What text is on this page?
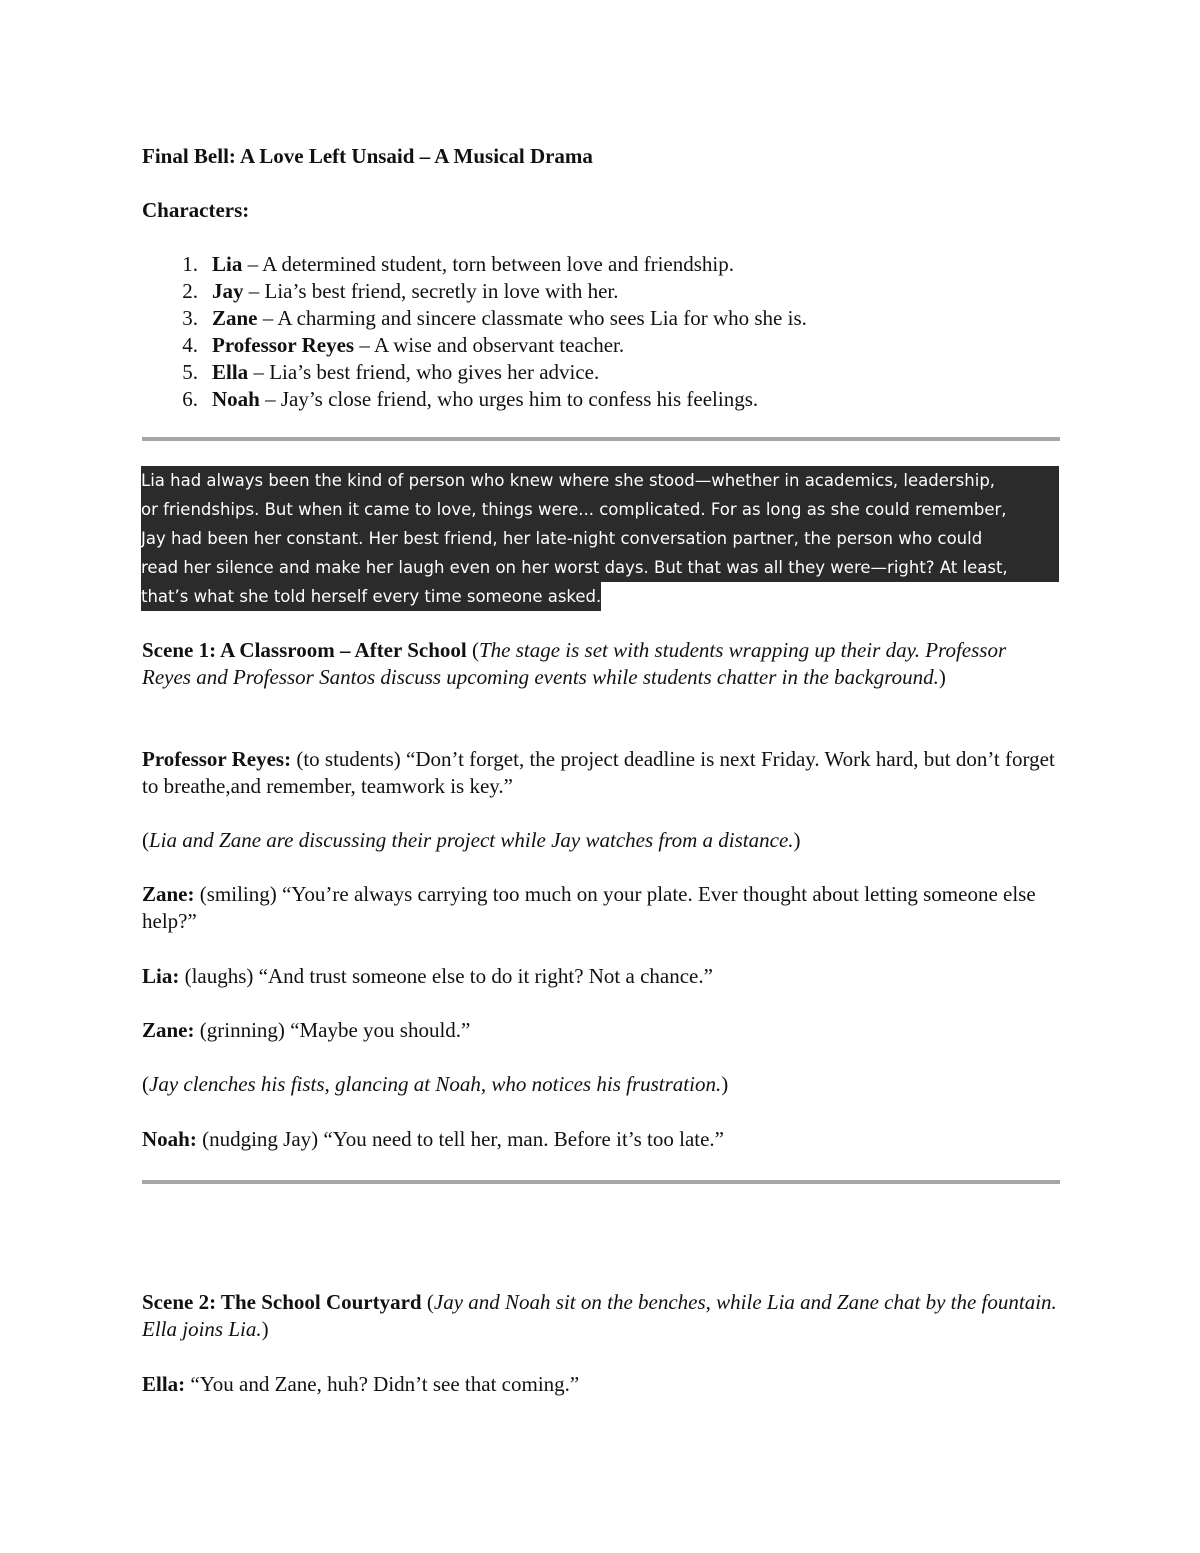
Final Bell: A Love Left Unsaid – A Musical Drama

Characters:

1. Lia – A determined student, torn between love and friendship.
2. Jay – Lia’s best friend, secretly in love with her.
3. Zane – A charming and sincere classmate who sees Lia for who she is.
4. Professor Reyes – A wise and observant teacher.
5. Ella – Lia’s best friend, who gives her advice.
6. Noah – Jay’s close friend, who urges him to confess his feelings.
Lia had always been the kind of person who knew where she stood—whether in academics, leadership,
or friendships. But when it came to love, things were... complicated. For as long as she could remember,
Jay had been her constant. Her best friend, her late-night conversation partner, the person who could
read her silence and make her laugh even on her worst days. But that was all they were—right? At least,
that’s what she told herself every time someone asked.

Scene 1: A Classroom – After School (The stage is set with students wrapping up their day. Professor Reyes and Professor Santos discuss upcoming events while students chatter in the background.)

Professor Reyes: (to students) “Don’t forget, the project deadline is next Friday. Work hard, but don’t forget to breathe,and remember, teamwork is key.”

(Lia and Zane are discussing their project while Jay watches from a distance.)

Zane: (smiling) “You’re always carrying too much on your plate. Ever thought about letting someone else help?”

Lia: (laughs) “And trust someone else to do it right? Not a chance.”

Zane: (grinning) “Maybe you should.”

(Jay clenches his fists, glancing at Noah, who notices his frustration.)

Noah: (nudging Jay) “You need to tell her, man. Before it’s too late.”

Scene 2: The School Courtyard (Jay and Noah sit on the benches, while Lia and Zane chat by the fountain. Ella joins Lia.)

Ella: “You and Zane, huh? Didn’t see that coming.”
